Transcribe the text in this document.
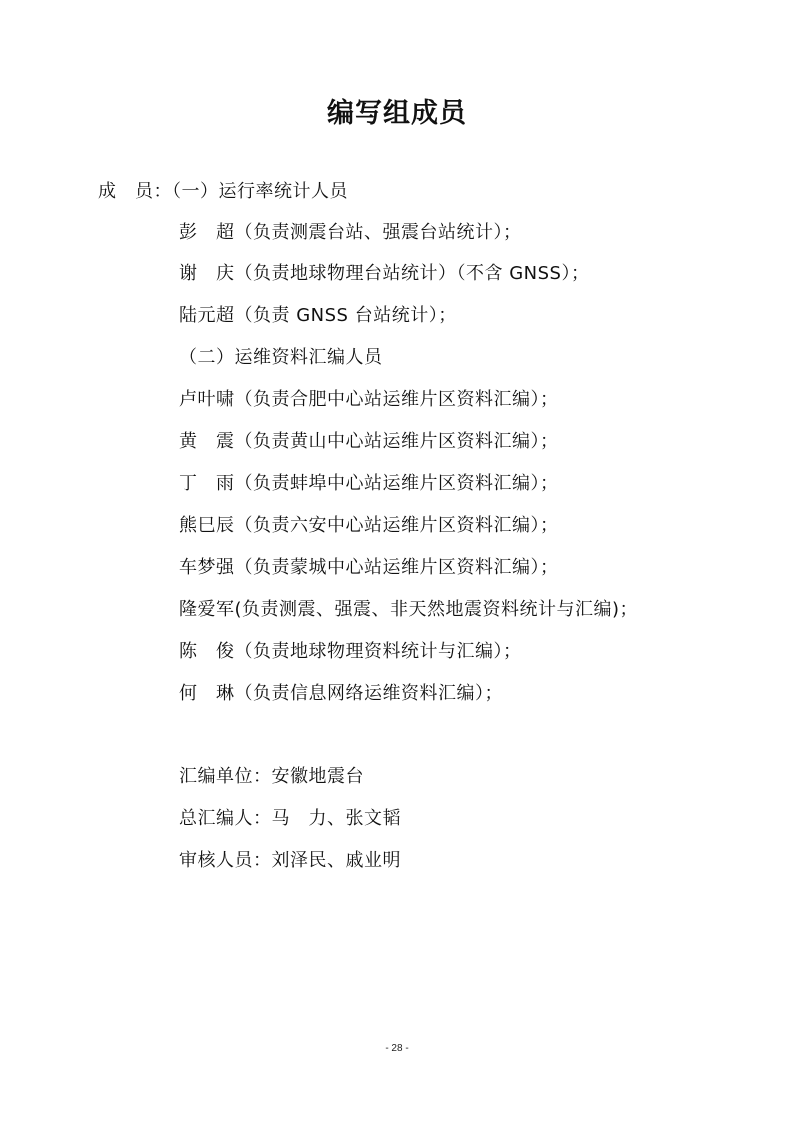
编写组成员
成　员：（一）运行率统计人员
彭　超（负责测震台站、强震台站统计）；
谢　庆（负责地球物理台站统计）（不含 GNSS）；
陆元超（负责 GNSS 台站统计）；
（二）运维资料汇编人员
卢叶啸（负责合肥中心站运维片区资料汇编）；
黄　震（负责黄山中心站运维片区资料汇编）；
丁　雨（负责蚌埠中心站运维片区资料汇编）；
熊巳辰（负责六安中心站运维片区资料汇编）；
车梦强（负责蒙城中心站运维片区资料汇编）；
隆爱军(负责测震、强震、非天然地震资料统计与汇编)；
陈　俊（负责地球物理资料统计与汇编）；
何　琳（负责信息网络运维资料汇编）；
汇编单位：安徽地震台
总汇编人：马　力、张文韬
审核人员：刘泽民、戚业明
- 28 -
